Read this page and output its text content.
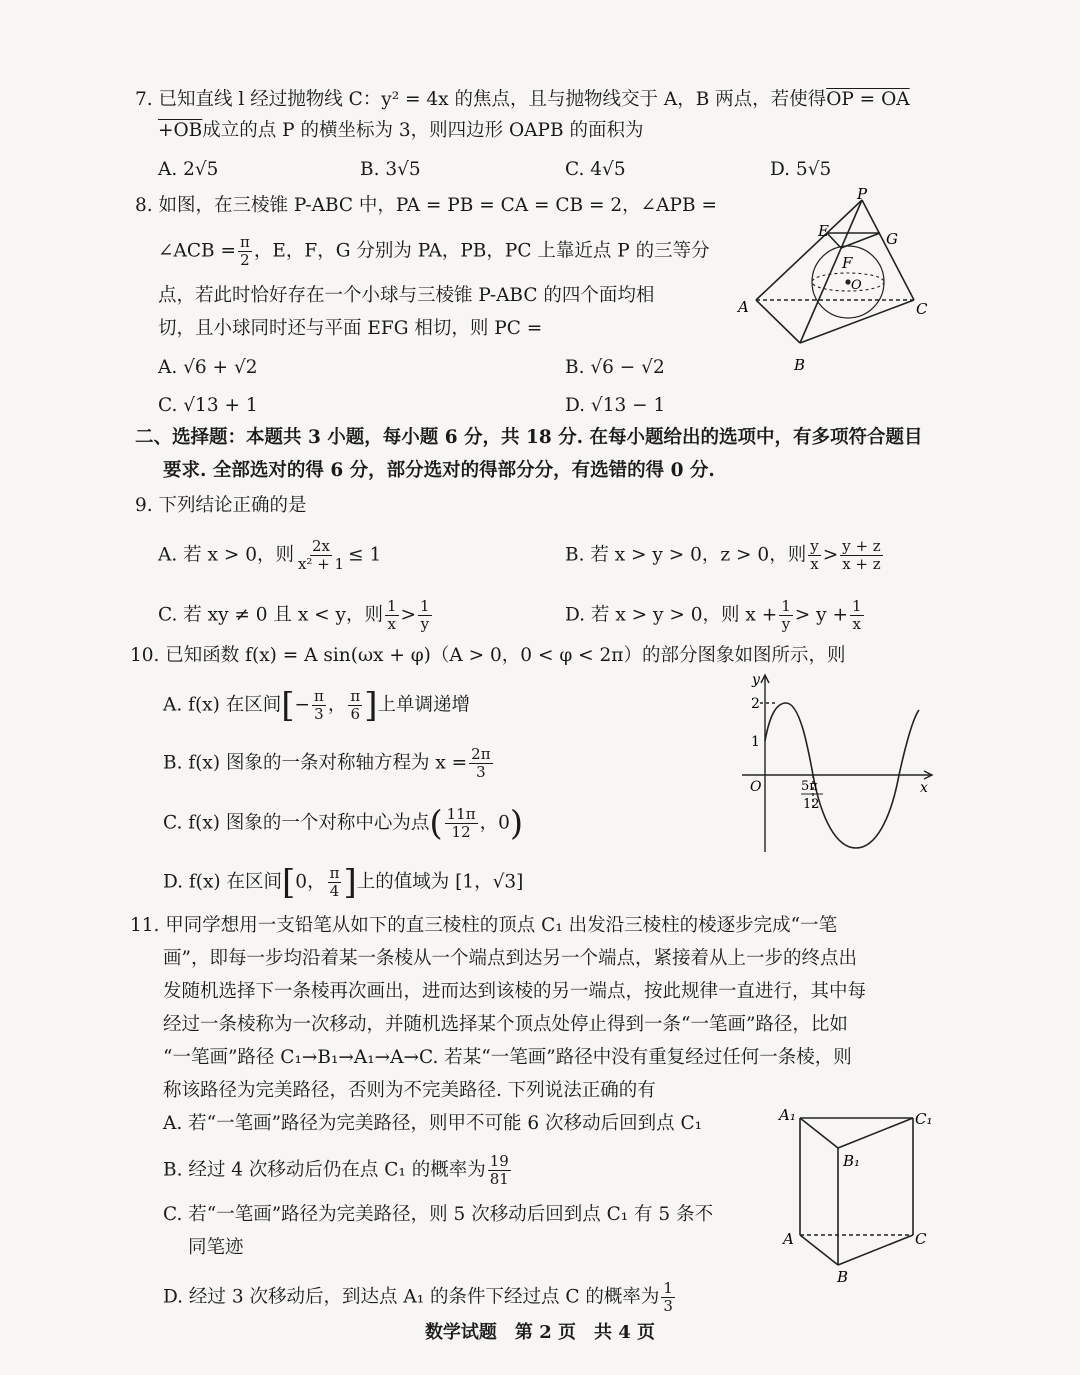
7. 已知直线 l 经过抛物线 C：y² = 4x 的焦点，且与抛物线交于 A，B 两点，若使得OP = OA
+OB成立的点 P 的横坐标为 3，则四边形 OAPB 的面积为
A. 2√5	B. 3√5	C. 4√5	D. 5√5
8. 如图，在三棱锥 P-ABC 中，PA = PB = CA = CB = 2，∠APB =
∠ACB = $\frac{\pi}{2}$ ，E，F，G 分别为 PA，PB，PC 上靠近点 P 的三等分
点，若此时恰好存在一个小球与三棱锥 P-ABC 的四个面均相
切，且小球同时还与平面 EFG 相切，则 PC =
A. √6 + √2	B. √6 − √2
C. √13 + 1	D. √13 − 1
P
E	G
F
O
A	C
B
二、选择题：本题共 3 小题，每小题 6 分，共 18 分. 在每小题给出的选项中，有多项符合题目
要求. 全部选对的得 6 分，部分选对的得部分分，有选错的得 0 分.
9. 下列结论正确的是
A. 若 x > 0，则 $\frac{2x}{\text{x² + 1}} \le 1$	B. 若 x > y > 0，z > 0，则 $\frac{y}{x} > \frac{y + z}{x + z}$
C. 若 xy ≠ 0 且 x < y，则 $\frac{1}{x} > \frac{1}{y}$	D. 若 x > y > 0，则 $x + \frac{1}{y} > y + \frac{1}{x}$
10. 已知函数 f(x) = A sin(ωx + φ)（A > 0，0 < φ < 2π）的部分图象如图所示，则
A. f(x) 在区间[− $\frac{\pi}{3}$ ， $\frac{\pi}{6}$ ]上单调递增
B. f(x) 图象的一条对称轴方程为 $x = \frac{2\pi}{3}$
C. f(x) 图象的一个对称中心为点( $\frac{11\pi}{12}$ ，0)
D. f(x) 在区间[0， $\frac{\pi}{4}$ ]上的值域为 [1，√3]
y
x
O
2
1
5π
12
11. 甲同学想用一支铅笔从如下的直三棱柱的顶点 C₁ 出发沿三棱柱的棱逐步完成“一笔
画”，即每一步均沿着某一条棱从一个端点到达另一个端点，紧接着从上一步的终点出
发随机选择下一条棱再次画出，进而达到该棱的另一端点，按此规律一直进行，其中每
经过一条棱称为一次移动，并随机选择某个顶点处停止得到一条“一笔画”路径，比如
“一笔画”路径 C₁→B₁→A₁→A→C. 若某“一笔画”路径中没有重复经过任何一条棱，则
称该路径为完美路径，否则为不完美路径. 下列说法正确的有
A. 若“一笔画”路径为完美路径，则甲不可能 6 次移动后回到点 C₁
B. 经过 4 次移动后仍在点 C₁ 的概率为 $\frac{19}{81}$
C. 若“一笔画”路径为完美路径，则 5 次移动后回到点 C₁ 有 5 条不
同笔迹
D. 经过 3 次移动后，到达点 A₁ 的条件下经过点 C 的概率为 $\frac{1}{3}$
A₁	C₁
B₁
A	C
B
数学试题　第 2 页　共 4 页
